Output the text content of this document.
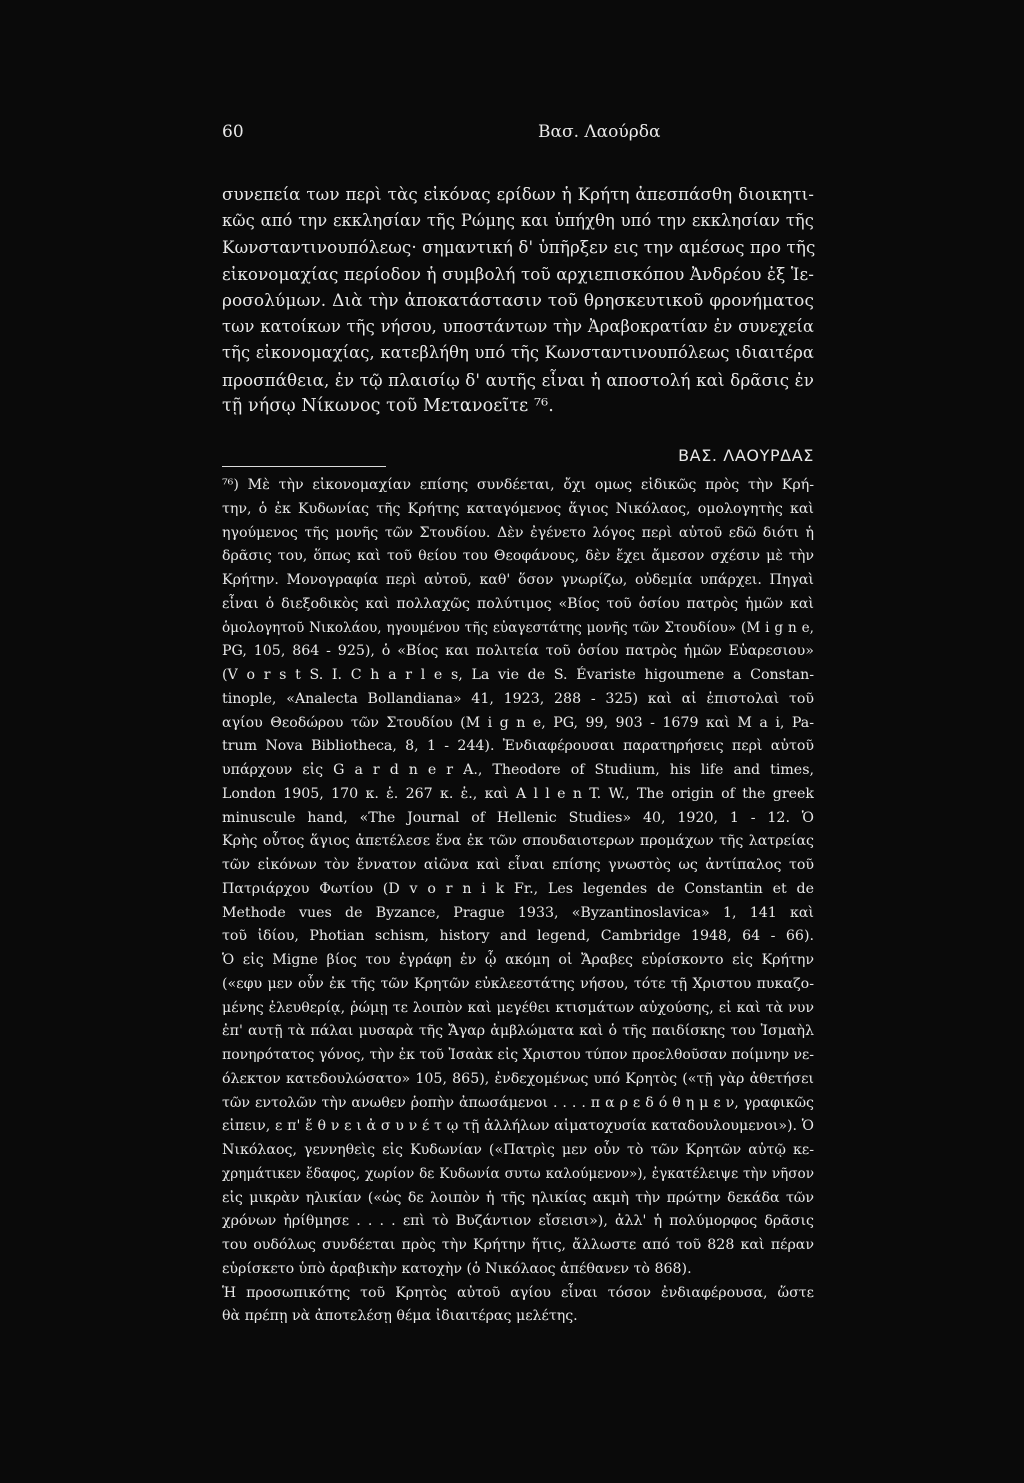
60	Βασ. Λαούρδα
συνεπεία των περὶ τὰς εἰκόνας ερίδων ἡ Κρήτη ἀπεσπάσθη διοικητι-
κῶς από την εκκλησίαν τῆς Ρώμης και ὑπήχθη υπό την εκκλησίαν τῆς
Κωνσταντινουπόλεως· σημαντική δ' ὑπῆρξεν εις την αμέσως προ τῆς
εἰκονομαχίας περίοδον ἡ συμβολή τοῦ αρχιεπισκόπου Ἀνδρέου ἐξ Ἱε-
ροσολύμων. Διὰ τὴν ἀποκατάστασιν τοῦ θρησκευτικοῦ φρονήματος
των κατοίκων τῆς νήσου, υποστάντων τὴν Ἀραβοκρατίαν ἐν συνεχεία
τῆς εἰκονομαχίας, κατεβλήθη υπό τῆς Κωνσταντινουπόλεως ιδιαιτέρα
προσπάθεια, ἐν τῷ πλαισίῳ δ' αυτῆς εἶναι ἡ αποστολή καὶ δρᾶσις ἐν
τῇ νήσῳ Νίκωνος τοῦ Μετανοεῖτε ⁷⁶.
ΒΑΣ. ΛΑΟΥΡΔΑΣ
⁷⁶) Μὲ τὴν εἰκονομαχίαν επίσης συνδέεται, ὄχι ομως εἰδικῶς πρὸς τὴν Κρή-
την, ὁ ἐκ Κυδωνίας τῆς Κρήτης καταγόμενος ἅγιος Νικόλαος, ομολογητὴς καὶ
ηγούμενος τῆς μονῆς τῶν Στουδίου. Δὲν ἐγένετο λόγος περὶ αὐτοῦ εδῶ διότι ἡ
δρᾶσις του, ὅπως καὶ τοῦ θείου του Θεοφάνους, δὲν ἔχει ἄμεσον σχέσιν μὲ τὴν
Κρήτην. Μονογραφία περὶ αὐτοῦ, καθ' ὅσον γνωρίζω, οὐδεμία υπάρχει. Πηγαὶ
εἶναι ὁ διεξοδικὸς καὶ πολλαχῶς πολύτιμος «Βίος τοῦ ὁσίου πατρὸς ἡμῶν καὶ
ὁμολογητοῦ Νικολάου, ηγουμένου τῆς εὐαγεστάτης μονῆς τῶν Στουδίου» (M i g n e,
PG, 105, 864 - 925), ὁ «Βίος και πολιτεία τοῦ ὁσίου πατρὸς ἡμῶν Εὐαρεσιου»
(V o r s t S. I. C h a r l e s, La vie de S. Évariste higoumene a Constan-
tinople, «Analecta Bollandiana» 41, 1923, 288 - 325) καὶ αἱ ἐπιστολαὶ τοῦ
αγίου Θεοδώρου τῶν Στουδίου (M i g n e, PG, 99, 903 - 1679 καὶ M a i, Pa-
trum Nova Bibliotheca, 8, 1 - 244). Ἐνδιαφέρουσαι παρατηρήσεις περὶ αὐτοῦ
υπάρχουν εἰς G a r d n e r A., Theodore of Studium, his life and times,
London 1905, 170 κ. ἑ. 267 κ. ἑ., καὶ A l l e n T. W., The origin of the greek
minuscule hand, «The Journal of Hellenic Studies» 40, 1920, 1 - 12. Ὁ
Κρὴς οὗτος ἅγιος ἀπετέλεσε ἕνα ἐκ τῶν σπουδαιοτερων προμάχων τῆς λατρείας
τῶν εἰκόνων τὸν ἔννατον αἰῶνα καὶ εἶναι επίσης γνωστὸς ως ἀντίπαλος τοῦ
Πατριάρχου Φωτίου (D v o r n i k Fr., Les legendes de Constantin et de
Methode vues de Byzance, Prague 1933, «Byzantinoslavica» 1, 141 καὶ
τοῦ ἰδίου, Photian schism, history and legend, Cambridge 1948, 64 - 66).
Ὁ εἰς Migne βίος του ἐγράφη ἐν ᾧ ακόμη οἱ Ἄραβες εὑρίσκοντο εἰς Κρήτην
(«εφυ μεν οὖν ἐκ τῆς τῶν Κρητῶν εὐκλεεστάτης νήσου, τότε τῇ Χριστου πυκαζο-
μένης ἐλευθερίᾳ, ῥώμῃ τε λοιπὸν καὶ μεγέθει κτισμάτων αὐχούσης, εἰ καὶ τὰ νυν
ἐπ' αυτῇ τὰ πάλαι μυσαρὰ τῆς Ἄγαρ ἀμβλώματα καὶ ὁ τῆς παιδίσκης του Ἰσμαὴλ
πονηρότατος γόνος, τὴν ἐκ τοῦ Ἰσαὰκ εἰς Χριστου τύπον προελθοῦσαν ποίμνην νε-
όλεκτον κατεδουλώσατο» 105, 865), ἐνδεχομένως υπό Κρητὸς («τῇ γὰρ ἀθετήσει
τῶν εντολῶν τὴν ανωθεν ῥοπὴν ἀπωσάμενοι . . . . π α ρ ε δ ό θ η μ ε ν, γραφικῶς
εἰπειν, ε π' ἔ θ ν ε ι ἀ σ υ ν έ τ ῳ τῇ ἀλλήλων αἱματοχυσία καταδουλουμενοι»). Ὁ
Νικόλαος, γεννηθεὶς εἰς Κυδωνίαν («Πατρὶς μεν οὖν τὸ τῶν Κρητῶν αὐτῷ κε-
χρημάτικεν ἔδαφος, χωρίον δε Κυδωνία συτω καλούμενον»), ἐγκατέλειψε τὴν νῆσον
εἰς μικρὰν ηλικίαν («ὡς δε λοιπὸν ἡ τῆς ηλικίας ακμὴ τὴν πρώτην δεκάδα τῶν
χρόνων ἠρίθμησε . . . . επὶ τὸ Βυζάντιον εἴσεισι»), ἀλλ' ἡ πολύμορφος δρᾶσις
του ουδόλως συνδέεται πρὸς τὴν Κρήτην ἥτις, ἄλλωστε από τοῦ 828 καὶ πέραν
εὑρίσκετο ὑπὸ ἀραβικὴν κατοχὴν (ὁ Νικόλαος ἀπέθανεν τὸ 868).
Ἡ προσωπικότης τοῦ Κρητὸς αὐτοῦ αγίου εἶναι τόσον ἐνδιαφέρουσα, ὥστε
θὰ πρέπῃ νὰ ἀποτελέσῃ θέμα ἰδιαιτέρας μελέτης.
